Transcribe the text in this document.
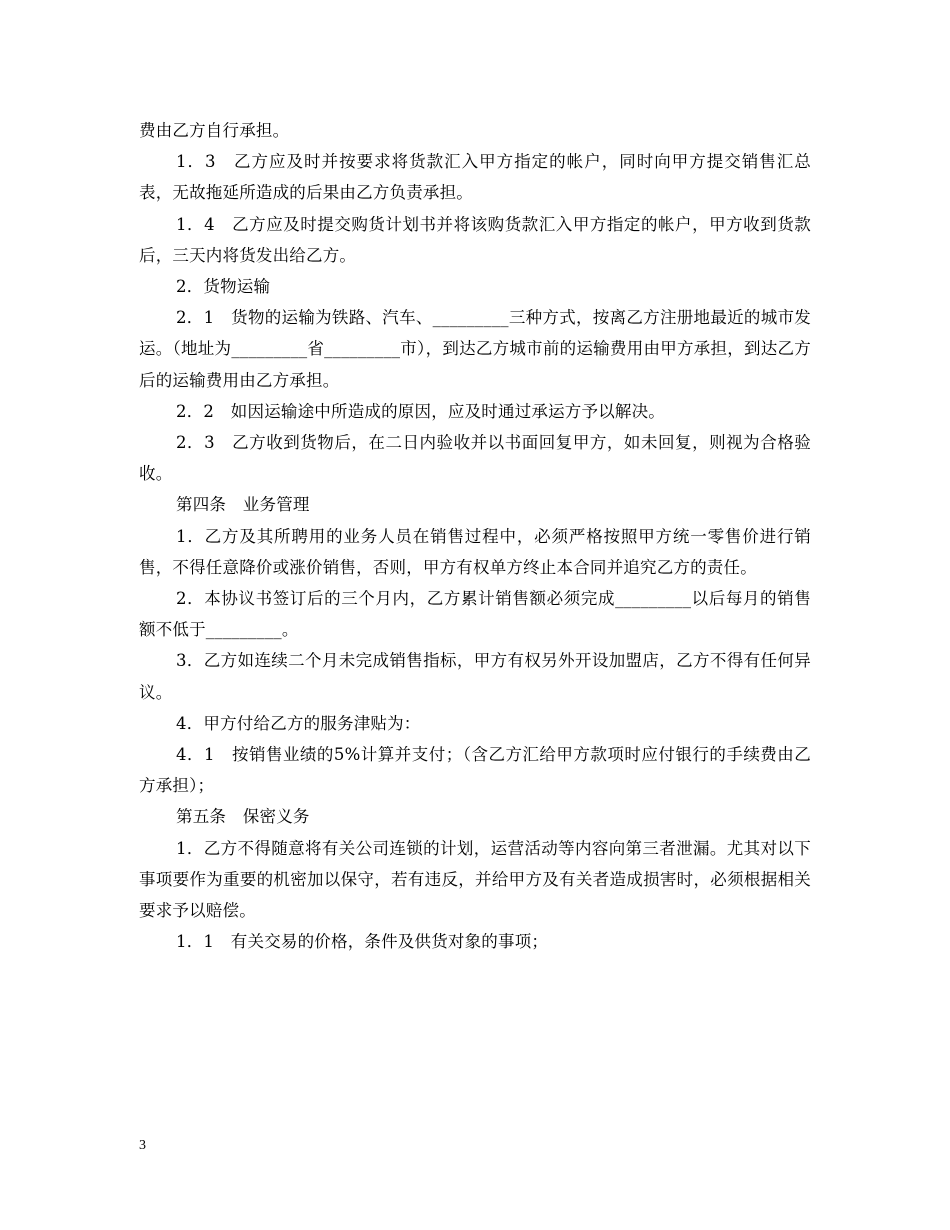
费由乙方自行承担。

1．3　乙方应及时并按要求将货款汇入甲方指定的帐户，同时向甲方提交销售汇总表，无故拖延所造成的后果由乙方负责承担。

1．4　乙方应及时提交购货计划书并将该购货款汇入甲方指定的帐户，甲方收到货款后，三天内将货发出给乙方。

2．货物运输

2．1　货物的运输为铁路、汽车、_________三种方式，按离乙方注册地最近的城市发运。（地址为_________省_________市），到达乙方城市前的运输费用由甲方承担，到达乙方后的运输费用由乙方承担。

2．2　如因运输途中所造成的原因，应及时通过承运方予以解决。

2．3　乙方收到货物后，在二日内验收并以书面回复甲方，如未回复，则视为合格验收。

第四条　业务管理

1．乙方及其所聘用的业务人员在销售过程中，必须严格按照甲方统一零售价进行销售，不得任意降价或涨价销售，否则，甲方有权单方终止本合同并追究乙方的责任。

2．本协议书签订后的三个月内，乙方累计销售额必须完成_________以后每月的销售额不低于_________。

3．乙方如连续二个月未完成销售指标，甲方有权另外开设加盟店，乙方不得有任何异议。

4．甲方付给乙方的服务津贴为：

4．1　按销售业绩的5%计算并支付；（含乙方汇给甲方款项时应付银行的手续费由乙方承担）；

第五条　保密义务

1．乙方不得随意将有关公司连锁的计划，运营活动等内容向第三者泄漏。尤其对以下事项要作为重要的机密加以保守，若有违反，并给甲方及有关者造成损害时，必须根据相关要求予以赔偿。

1．1　有关交易的价格，条件及供货对象的事项；

3
